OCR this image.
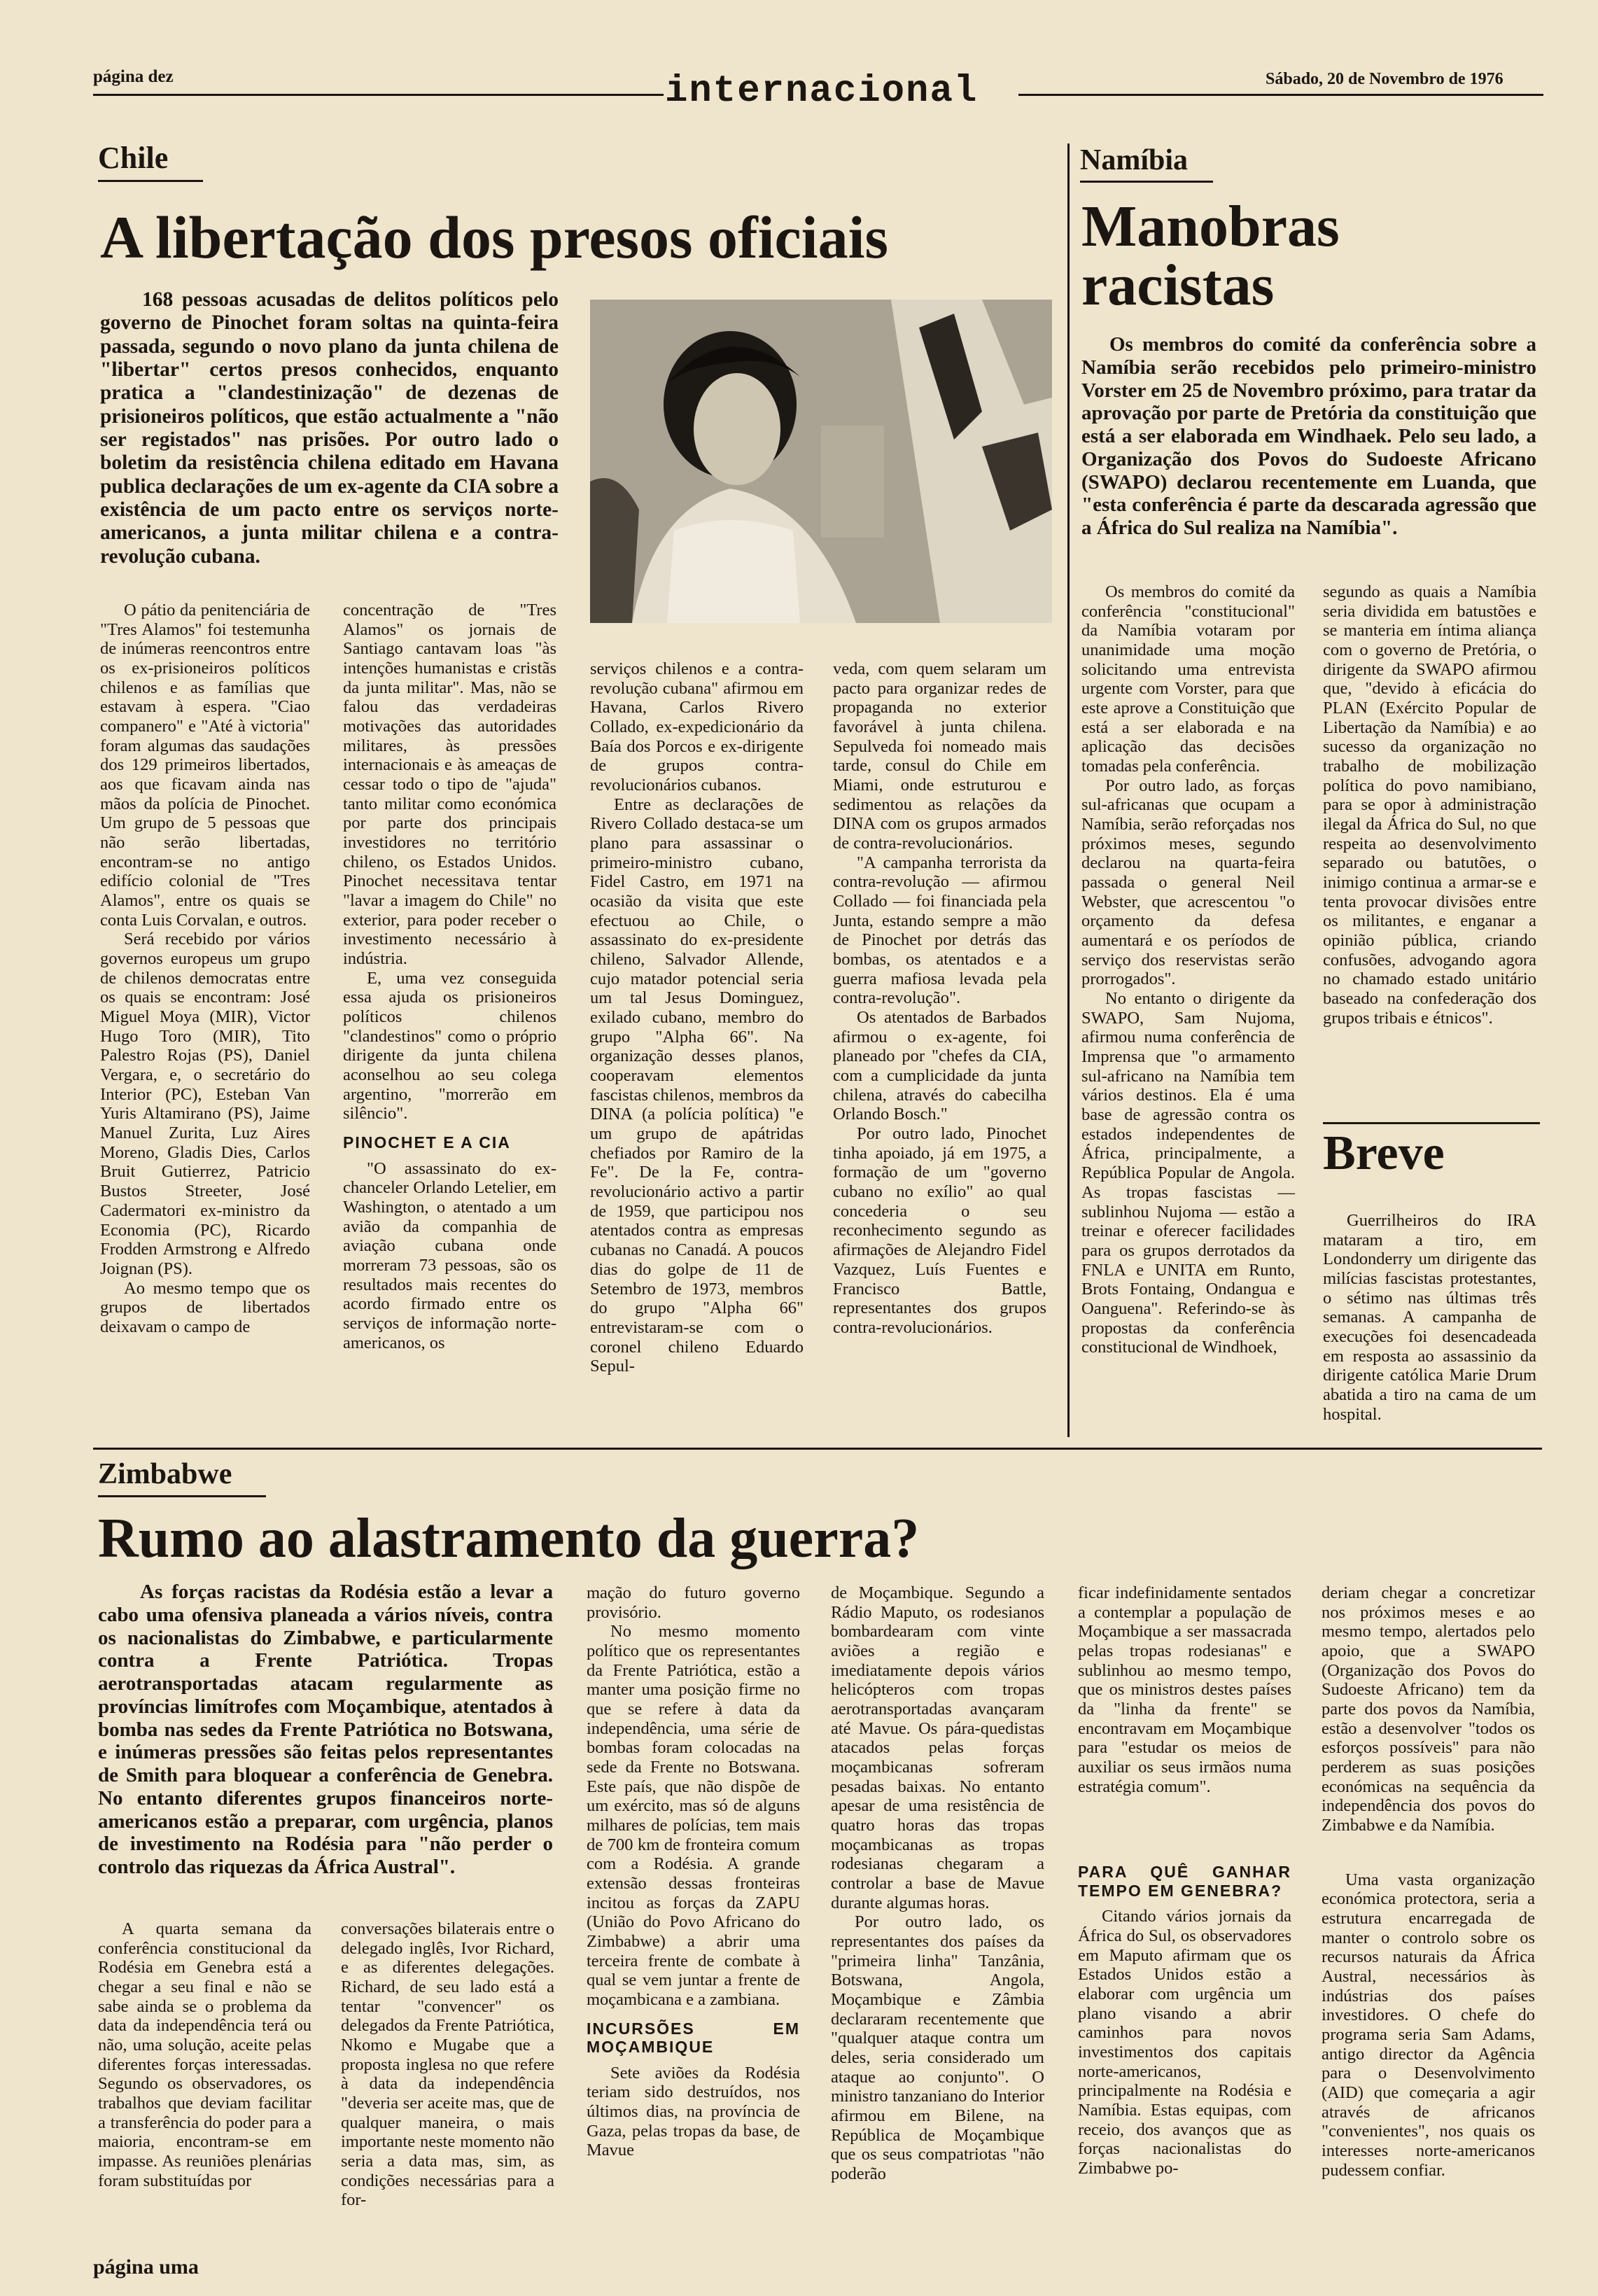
página dez	internacional	Sábado, 20 de Novembro de 1976
Chile
A libertação dos presos oficiais
168 pessoas acusadas de delitos políticos pelo governo de Pinochet foram soltas na quinta-feira passada, segundo o novo plano da junta chilena de "libertar" certos presos conhecidos, enquanto pratica a "clandestinização" de dezenas de prisioneiros políticos, que estão actualmente a "não ser registados" nas prisões. Por outro lado o boletim da resistência chilena editado em Havana publica declarações de um ex-agente da CIA sobre a existência de um pacto entre os serviços norte-americanos, a junta militar chilena e a contra-revolução cubana.

O pátio da penitenciária de "Tres Alamos" foi testemunha de inúmeras reencontros entre os ex-prisioneiros políticos chilenos e as famílias que estavam à espera. "Ciao companero" e "Até à victoria" foram algumas das saudações dos 129 primeiros libertados, aos que ficavam ainda nas mãos da polícia de Pinochet. Um grupo de 5 pessoas que não serão libertadas, encontram-se no antigo edifício colonial de "Tres Alamos", entre os quais se conta Luis Corvalan, e outros.

Será recebido por vários governos europeus um grupo de chilenos democratas entre os quais se encontram: José Miguel Moya (MIR), Victor Hugo Toro (MIR), Tito Palestro Rojas (PS), Daniel Vergara, e, o secretário do Interior (PC), Esteban Van Yuris Altamirano (PS), Jaime Manuel Zurita, Luz Aires Moreno, Gladis Dies, Carlos Bruit Gutierrez, Patricio Bustos Streeter, José Cadermatori ex-ministro da Economia (PC), Ricardo Frodden Armstrong e Alfredo Joignan (PS).

Ao mesmo tempo que os grupos de libertados deixavam o campo de

concentração de "Tres Alamos" os jornais de Santiago cantavam loas "às intenções humanistas e cristãs da junta militar". Mas, não se falou das verdadeiras motivações das autoridades militares, às pressões internacionais e às ameaças de cessar todo o tipo de "ajuda" tanto militar como económica por parte dos principais investidores no território chileno, os Estados Unidos. Pinochet necessitava tentar "lavar a imagem do Chile" no exterior, para poder receber o investimento necessário à indústria.

E, uma vez conseguida essa ajuda os prisioneiros políticos chilenos "clandestinos" como o próprio dirigente da junta chilena aconselhou ao seu colega argentino, "morrerão em silêncio".

PINOCHET E A CIA

"O assassinato do ex-chanceler Orlando Letelier, em Washington, o atentado a um avião da companhia de aviação cubana onde morreram 73 pessoas, são os resultados mais recentes do acordo firmado entre os serviços de informação norte-americanos, os

serviços chilenos e a contra-revolução cubana" afirmou em Havana, Carlos Rivero Collado, ex-expedicionário da Baía dos Porcos e ex-dirigente de grupos contra-revolucionários cubanos.

Entre as declarações de Rivero Collado destaca-se um plano para assassinar o primeiro-ministro cubano, Fidel Castro, em 1971 na ocasião da visita que este efectuou ao Chile, o assassinato do ex-presidente chileno, Salvador Allende, cujo matador potencial seria um tal Jesus Dominguez, exilado cubano, membro do grupo "Alpha 66". Na organização desses planos, cooperavam elementos fascistas chilenos, membros da DINA (a polícia política) "e um grupo de apátridas chefiados por Ramiro de la Fe". De la Fe, contra-revolucionário activo a partir de 1959, que participou nos atentados contra as empresas cubanas no Canadá. A poucos dias do golpe de 11 de Setembro de 1973, membros do grupo "Alpha 66" entrevistaram-se com o coronel chileno Eduardo Sepul-

veda, com quem selaram um pacto para organizar redes de propaganda no exterior favorável à junta chilena. Sepulveda foi nomeado mais tarde, consul do Chile em Miami, onde estruturou e sedimentou as relações da DINA com os grupos armados de contra-revolucionários.

"A campanha terrorista da contra-revolução — afirmou Collado — foi financiada pela Junta, estando sempre a mão de Pinochet por detrás das bombas, os atentados e a guerra mafiosa levada pela contra-revolução".

Os atentados de Barbados afirmou o ex-agente, foi planeado por "chefes da CIA, com a cumplicidade da junta chilena, através do cabecilha Orlando Bosch."

Por outro lado, Pinochet tinha apoiado, já em 1975, a formação de um "governo cubano no exílio" ao qual concederia o seu reconhecimento segundo as afirmações de Alejandro Fidel Vazquez, Luís Fuentes e Francisco Battle, representantes dos grupos contra-revolucionários.

Namíbia
Manobras
racistas
Os membros do comité da conferência sobre a Namíbia serão recebidos pelo primeiro-ministro Vorster em 25 de Novembro próximo, para tratar da aprovação por parte de Pretória da constituição que está a ser elaborada em Windhaek. Pelo seu lado, a Organização dos Povos do Sudoeste Africano (SWAPO) declarou recentemente em Luanda, que "esta conferência é parte da descarada agressão que a África do Sul realiza na Namíbia".

Os membros do comité da conferência "constitucional" da Namíbia votaram por unanimidade uma moção solicitando uma entrevista urgente com Vorster, para que este aprove a Constituição que está a ser elaborada e na aplicação das decisões tomadas pela conferência.

Por outro lado, as forças sul-africanas que ocupam a Namíbia, serão reforçadas nos próximos meses, segundo declarou na quarta-feira passada o general Neil Webster, que acrescentou "o orçamento da defesa aumentará e os períodos de serviço dos reservistas serão prorrogados".

No entanto o dirigente da SWAPO, Sam Nujoma, afirmou numa conferência de Imprensa que "o armamento sul-africano na Namíbia tem vários destinos. Ela é uma base de agressão contra os estados independentes de África, principalmente, a República Popular de Angola. As tropas fascistas — sublinhou Nujoma — estão a treinar e oferecer facilidades para os grupos derrotados da FNLA e UNITA em Runto, Brots Fontaing, Ondangua e Oanguena". Referindo-se às propostas da conferência constitucional de Windhoek,

segundo as quais a Namíbia seria dividida em batustões e se manteria em íntima aliança com o governo de Pretória, o dirigente da SWAPO afirmou que, "devido à eficácia do PLAN (Exército Popular de Libertação da Namíbia) e ao sucesso da organização no trabalho de mobilização política do povo namibiano, para se opor à administração ilegal da África do Sul, no que respeita ao desenvolvimento separado ou batutões, o inimigo continua a armar-se e tenta provocar divisões entre os militantes, e enganar a opinião pública, criando confusões, advogando agora no chamado estado unitário baseado na confederação dos grupos tribais e étnicos".

Breve

Guerrilheiros do IRA mataram a tiro, em Londonderry um dirigente das milícias fascistas protestantes, o sétimo nas últimas três semanas. A campanha de execuções foi desencadeada em resposta ao assassinio da dirigente católica Marie Drum abatida a tiro na cama de um hospital.

Zimbabwe
Rumo ao alastramento da guerra?
As forças racistas da Rodésia estão a levar a cabo uma ofensiva planeada a vários níveis, contra os nacionalistas do Zimbabwe, e particularmente contra a Frente Patriótica. Tropas aerotransportadas atacam regularmente as províncias limítrofes com Moçambique, atentados à bomba nas sedes da Frente Patriótica no Botswana, e inúmeras pressões são feitas pelos representantes de Smith para bloquear a conferência de Genebra. No entanto diferentes grupos financeiros norte-americanos estão a preparar, com urgência, planos de investimento na Rodésia para "não perder o controlo das riquezas da África Austral".

A quarta semana da conferência constitucional da Rodésia em Genebra está a chegar a seu final e não se sabe ainda se o problema da data da independência terá ou não, uma solução, aceite pelas diferentes forças interessadas. Segundo os observadores, os trabalhos que deviam facilitar a transferência do poder para a maioria, encontram-se em impasse. As reuniões plenárias foram substituídas por

conversações bilaterais entre o delegado inglês, Ivor Richard, e as diferentes delegações. Richard, de seu lado está a tentar "convencer" os delegados da Frente Patriótica, Nkomo e Mugabe que a proposta inglesa no que refere à data da independência "deveria ser aceite mas, que de qualquer maneira, o mais importante neste momento não seria a data mas, sim, as condições necessárias para a for-

mação do futuro governo provisório.

No mesmo momento político que os representantes da Frente Patriótica, estão a manter uma posição firme no que se refere à data da independência, uma série de bombas foram colocadas na sede da Frente no Botswana. Este país, que não dispõe de um exército, mas só de alguns milhares de polícias, tem mais de 700 km de fronteira comum com a Rodésia. A grande extensão dessas fronteiras incitou as forças da ZAPU (União do Povo Africano do Zimbabwe) a abrir uma terceira frente de combate à qual se vem juntar a frente de moçambicana e a zambiana.

INCURSÕES EM MOÇAMBIQUE

Sete aviões da Rodésia teriam sido destruídos, nos últimos dias, na província de Gaza, pelas tropas da base, de Mavue

de Moçambique. Segundo a Rádio Maputo, os rodesianos bombardearam com vinte aviões a região e imediatamente depois vários helicópteros com tropas aerotransportadas avançaram até Mavue. Os pára-quedistas atacados pelas forças moçambicanas sofreram pesadas baixas. No entanto apesar de uma resistência de quatro horas das tropas moçambicanas as tropas rodesianas chegaram a controlar a base de Mavue durante algumas horas.

Por outro lado, os representantes dos países da "primeira linha" Tanzânia, Botswana, Angola, Moçambique e Zâmbia declararam recentemente que "qualquer ataque contra um deles, seria considerado um ataque ao conjunto". O ministro tanzaniano do Interior afirmou em Bilene, na República de Moçambique que os seus compatriotas "não poderão

ficar indefinidamente sentados a contemplar a população de Moçambique a ser massacrada pelas tropas rodesianas" e sublinhou ao mesmo tempo, que os ministros destes países da "linha da frente" se encontravam em Moçambique para "estudar os meios de auxiliar os seus irmãos numa estratégia comum".

PARA QUÊ GANHAR TEMPO EM GENEBRA?

Citando vários jornais da África do Sul, os observadores em Maputo afirmam que os Estados Unidos estão a elaborar com urgência um plano visando a abrir caminhos para novos investimentos dos capitais norte-americanos, principalmente na Rodésia e Namíbia. Estas equipas, com receio, dos avanços que as forças nacionalistas do Zimbabwe po-

deriam chegar a concretizar nos próximos meses e ao mesmo tempo, alertados pelo apoio, que a SWAPO (Organização dos Povos do Sudoeste Africano) tem da parte dos povos da Namíbia, estão a desenvolver "todos os esforços possíveis" para não perderem as suas posições económicas na sequência da independência dos povos do Zimbabwe e da Namíbia.

Uma vasta organização económica protectora, seria a estrutura encarregada de manter o controlo sobre os recursos naturais da África Austral, necessários às indústrias dos países investidores. O chefe do programa seria Sam Adams, antigo director da Agência para o Desenvolvimento (AID) que começaria a agir através de africanos "convenientes", nos quais os interesses norte-americanos pudessem confiar.

página uma
